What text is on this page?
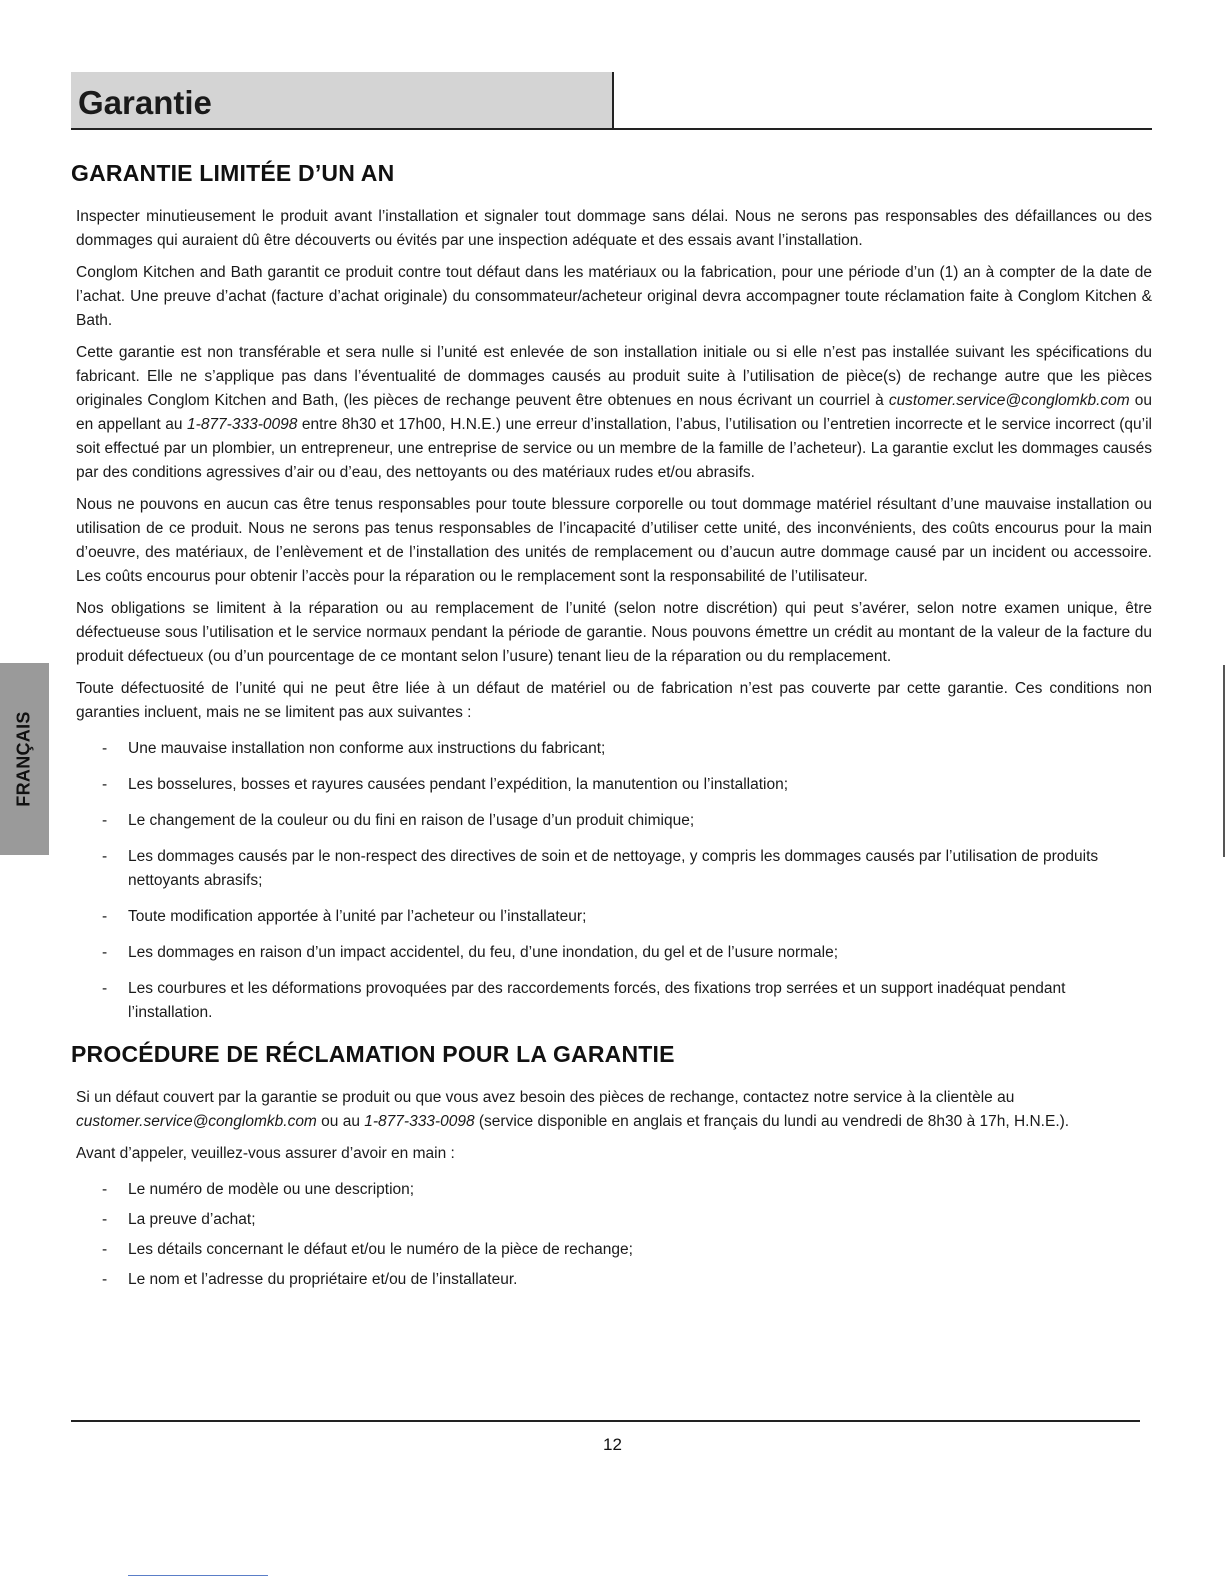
Garantie
FRANÇAIS
GARANTIE LIMITÉE D’UN AN

Inspecter minutieusement le produit avant l’installation et signaler tout dommage sans délai. Nous ne serons pas responsables des défaillances ou des dommages qui auraient dû être découverts ou évités par une inspection adéquate et des essais avant l’installation.

Conglom Kitchen and Bath garantit ce produit contre tout défaut dans les matériaux ou la fabrication, pour une période d’un (1) an à compter de la date de l’achat. Une preuve d’achat (facture d’achat originale) du consommateur/acheteur original devra accompagner toute réclamation faite à Conglom Kitchen & Bath.

Cette garantie est non transférable et sera nulle si l’unité est enlevée de son installation initiale ou si elle n’est pas installée suivant les spécifications du fabricant. Elle ne s’applique pas dans l’éventualité de dommages causés au produit suite à l’utilisation de pièce(s) de rechange autre que les pièces originales Conglom Kitchen and Bath, (les pièces de rechange peuvent être obtenues en nous écrivant un courriel à customer.service@conglomkb.com ou en appellant au 1-877-333-0098 entre 8h30 et 17h00, H.N.E.) une erreur d’installation, l’abus, l’utilisation ou l’entretien incorrecte et le service incorrect (qu’il soit effectué par un plombier, un entrepreneur, une entreprise de service ou un membre de la famille de l’acheteur). La garantie exclut les dommages causés par des conditions agressives d’air ou d’eau, des nettoyants ou des matériaux rudes et/ou abrasifs.

Nous ne pouvons en aucun cas être tenus responsables pour toute blessure corporelle ou tout dommage matériel résultant d’une mauvaise installation ou utilisation de ce produit. Nous ne serons pas tenus responsables de l’incapacité d’utiliser cette unité, des inconvénients, des coûts encourus pour la main d’oeuvre, des matériaux, de l’enlèvement et de l’installation des unités de remplacement ou d’aucun autre dommage causé par un incident ou accessoire. Les coûts encourus pour obtenir l’accès pour la réparation ou le remplacement sont la responsabilité de l’utilisateur.

Nos obligations se limitent à la réparation ou au remplacement de l’unité (selon notre discrétion) qui peut s’avérer, selon notre examen unique, être défectueuse sous l’utilisation et le service normaux pendant la période de garantie. Nous pouvons émettre un crédit au montant de la valeur de la facture du produit défectueux (ou d’un pourcentage de ce montant selon l’usure) tenant lieu de la réparation ou du remplacement.

Toute défectuosité de l’unité qui ne peut être liée à un défaut de matériel ou de fabrication n’est pas couverte par cette garantie. Ces conditions non garanties incluent, mais ne se limitent pas aux suivantes :

- Une mauvaise installation non conforme aux instructions du fabricant;
- Les bosselures, bosses et rayures causées pendant l’expédition, la manutention ou l’installation;
- Le changement de la couleur ou du fini en raison de l’usage d’un produit chimique;
- Les dommages causés par le non-respect des directives de soin et de nettoyage, y compris les dommages causés par l’utilisation de produits nettoyants abrasifs;
- Toute modification apportée à l’unité par l’acheteur ou l’installateur;
- Les dommages en raison d’un impact accidentel, du feu, d’une inondation, du gel et de l’usure normale;
- Les courbures et les déformations provoquées par des raccordements forcés, des fixations trop serrées et un support inadéquat pendant l’installation.
PROCÉDURE DE RÉCLAMATION POUR LA GARANTIE

Si un défaut couvert par la garantie se produit ou que vous avez besoin des pièces de rechange, contactez notre service à la clientèle au customer.service@conglomkb.com ou au 1-877-333-0098 (service disponible en anglais et français du lundi au vendredi de 8h30 à 17h, H.N.E.).

Avant d’appeler, veuillez-vous assurer d’avoir en main :

- Le numéro de modèle ou une description;
- La preuve d’achat;
- Les détails concernant le défaut et/ou le numéro de la pièce de rechange;
- Le nom et l’adresse du propriétaire et/ou de l’installateur.
12
